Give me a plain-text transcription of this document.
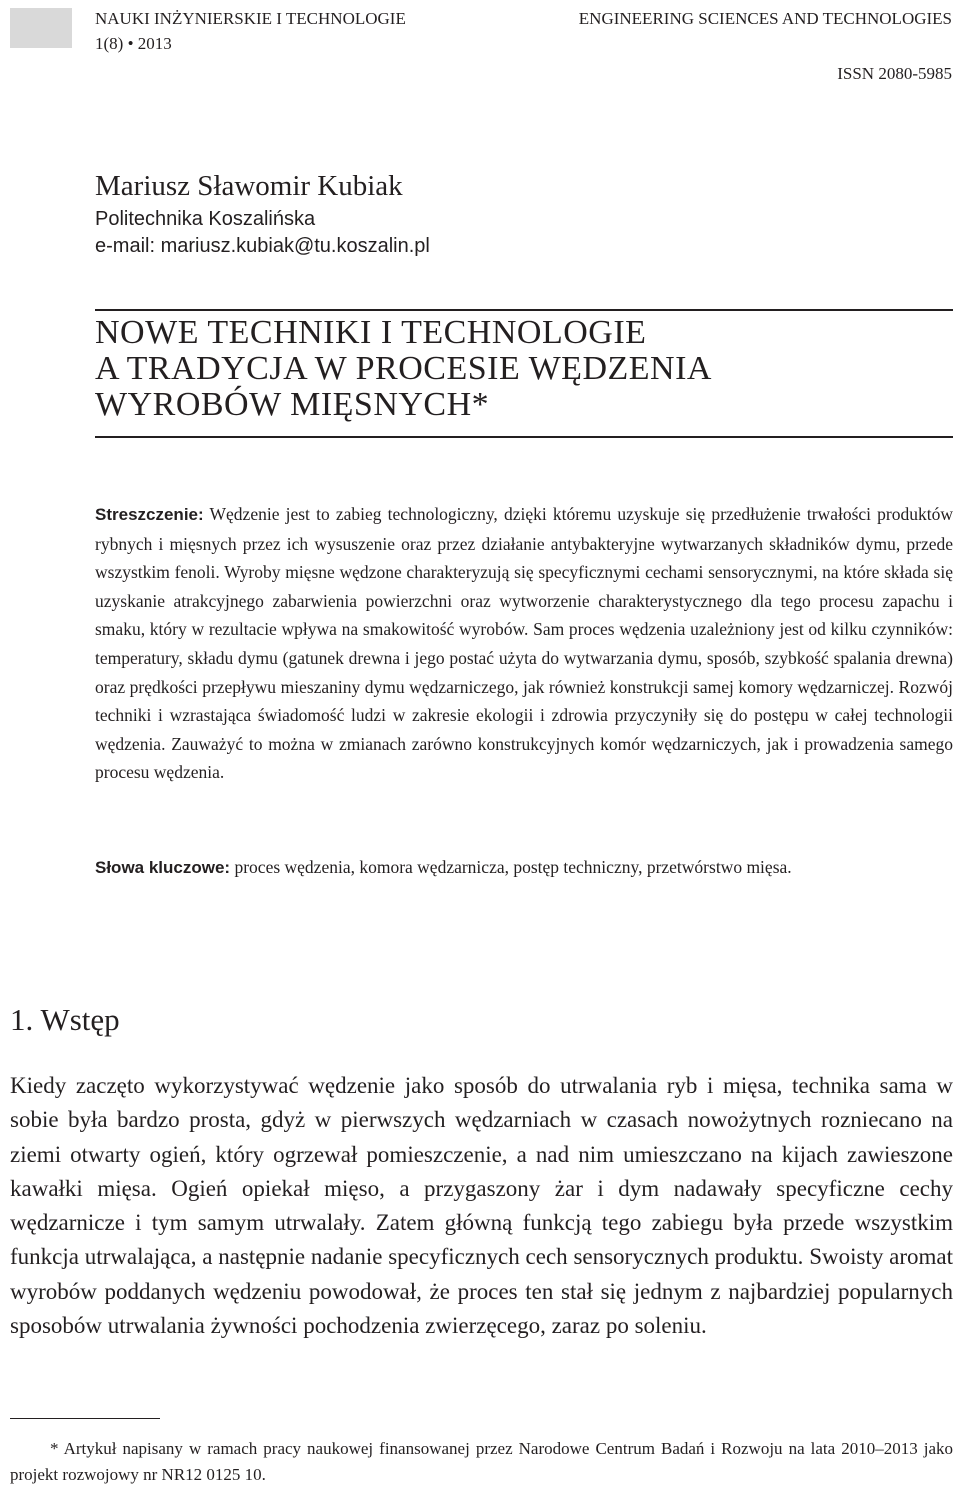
NAUKI INŻYNIERSKIE I TECHNOLOGIE	ENGINEERING SCIENCES AND TECHNOLOGIES
1(8) • 2013
ISSN 2080-5985
Mariusz Sławomir Kubiak
Politechnika Koszalińska
e-mail: mariusz.kubiak@tu.koszalin.pl
NOWE TECHNIKI I TECHNOLOGIE
A TRADYCJA W PROCESIE WĘDZENIA
WYROBÓW MIĘSNYCH*
Streszczenie: Wędzenie jest to zabieg technologiczny, dzięki któremu uzyskuje się przedłużenie trwałości produktów rybnych i mięsnych przez ich wysuszenie oraz przez działanie antybakteryjne wytwarzanych składników dymu, przede wszystkim fenoli. Wyroby mięsne wędzone charakteryzują się specyficznymi cechami sensorycznymi, na które składa się uzyskanie atrakcyjnego zabarwienia powierzchni oraz wytworzenie charakterystycznego dla tego procesu zapachu i smaku, który w rezultacie wpływa na smakowitość wyrobów. Sam proces wędzenia uzależniony jest od kilku czynników: temperatury, składu dymu (gatunek drewna i jego postać użyta do wytwarzania dymu, sposób, szybkość spalania drewna) oraz prędkości przepływu mieszaniny dymu wędzarniczego, jak również konstrukcji samej komory wędzarniczej. Rozwój techniki i wzrastająca świadomość ludzi w zakresie ekologii i zdrowia przyczyniły się do postępu w całej technologii wędzenia. Zauważyć to można w zmianach zarówno konstrukcyjnych komór wędzarniczych, jak i prowadzenia samego procesu wędzenia.
Słowa kluczowe: proces wędzenia, komora wędzarnicza, postęp techniczny, przetwórstwo mięsa.
1. Wstęp
Kiedy zaczęto wykorzystywać wędzenie jako sposób do utrwalania ryb i mięsa, technika sama w sobie była bardzo prosta, gdyż w pierwszych wędzarniach w czasach nowożytnych rozniecano na ziemi otwarty ogień, który ogrzewał pomieszczenie, a nad nim umieszczano na kijach zawieszone kawałki mięsa. Ogień opiekał mięso, a przygaszony żar i dym nadawały specyficzne cechy wędzarnicze i tym samym utrwalały. Zatem główną funkcją tego zabiegu była przede wszystkim funkcja utrwalająca, a następnie nadanie specyficznych cech sensorycznych produktu. Swoisty aromat wyrobów poddanych wędzeniu powodował, że proces ten stał się jednym z najbardziej popularnych sposobów utrwalania żywności pochodzenia zwierzęcego, zaraz po soleniu.
* Artykuł napisany w ramach pracy naukowej finansowanej przez Narodowe Centrum Badań i Rozwoju na lata 2010–2013 jako projekt rozwojowy nr NR12 0125 10.
